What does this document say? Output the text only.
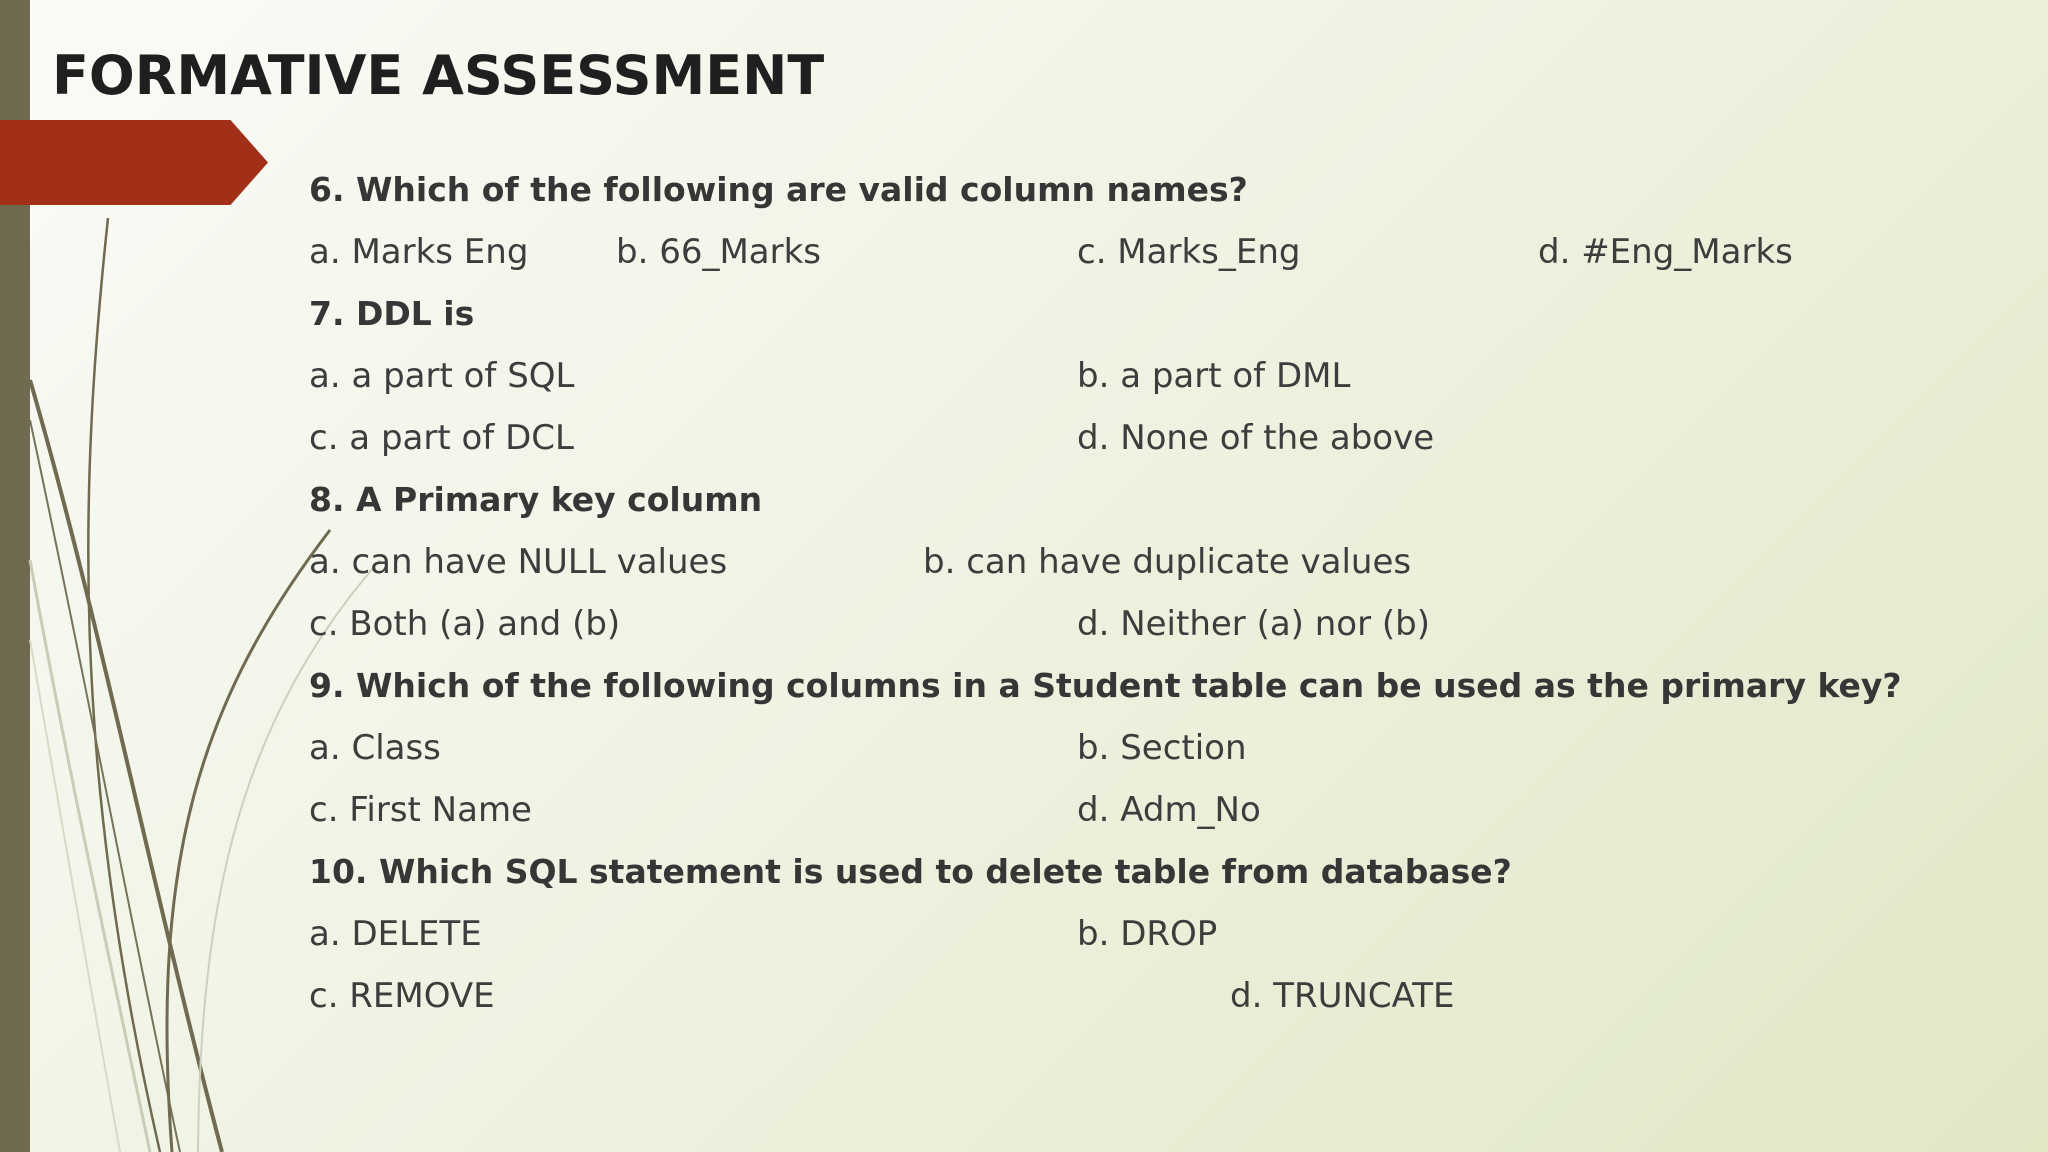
FORMATIVE ASSESSMENT
6. Which of the following are valid column names?
a. Marks Eng	b. 66_Marks	c. Marks_Eng	d. #Eng_Marks
7. DDL is
a. a part of SQL	b. a part of DML
c. a part of DCL	d. None of the above
8. A Primary key column
a. can have NULL values	b. can have duplicate values
c. Both (a) and (b)	d. Neither (a) nor (b)
9. Which of the following columns in a Student table can be used as the primary key?
a. Class	b. Section
c. First Name	d. Adm_No
10. Which SQL statement is used to delete table from database?
a. DELETE	b. DROP
c. REMOVE	d. TRUNCATE
